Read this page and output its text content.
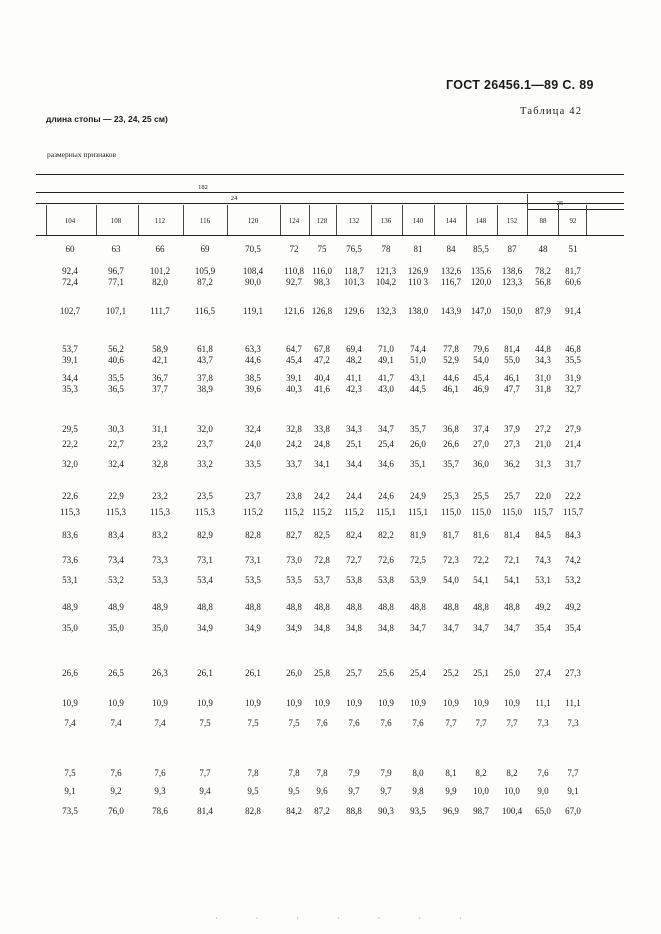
ГОСТ 26456.1—89 С. 89
Таблица 42
длина стопы — 23, 24, 25 см)
размерных признаков
182
24
25
104	108	112	116	120	124	128	132	136	140	144	148	152	88	92
60	63	66	69	70,5	72 75 76,5 78	81	84 85,5 87 48 51
92,4	96,7	101,2	105,9	108,4 110,8 116,0 118,7 121,3 126,9 132,6 135,6 138,6 78,2 81,7
72,4	77,1	82,0	87,2	90,0	92,7 98,3 101,3 104,2 110 3 116,7 120,0 123,3 56,8 60,6
102,7	107,1	111,7	116,5	119,1 121,6 126,8 129,6 132,3 138,0 143,9 147,0 150,0 87,9 91,4
53,7	56,2	58,9	61,8	63,3	64,7 67,8 69,4 71,0 74,4 77,8 79,6 81,4 44,8 46,8
39,1	40,6	42,1	43,7	44,6	45,4 47,2 48,2 49,1 51,0 52,9 54,0 55,0 34,3 35,5
34,4	35,5	36,7	37,8	38,5	39,1 40,4 41,1 41,7 43,1 44,6 45,4 46,1 31,0 31,9
35,3	36,5	37,7	38,9	39,6	40,3 41,6 42,3 43,0 44,5 46,1 46,9 47,7 31,8 32,7
29,5	30,3	31,1	32,0	32,4	32,8 33,8 34,3 34,7 35,7 36,8 37,4 37,9 27,2 27,9
22,2	22,7	23,2	23,7	24,0	24,2 24,8 25,1 25,4 26,0 26,6 27,0 27,3 21,0 21,4
32,0	32,4	32,8	33,2	33,5	33,7 34,1 34,4 34,6 35,1 35,7 36,0 36,2 31,3 31,7
22,6	22,9	23,2	23,5	23,7	23,8 24,2 24,4 24,6 24,9 25,3 25,5 25,7 22,0 22,2
115,3	115,3	115,3	115,3	115,2 115,2 115,2 115,2 115,1 115,1 115,0 115,0 115,0 115,7 115,7
83,6	83,4	83,2	82,9	82,8	82,7 82,5 82,4 82,2 81,9 81,7 81,6 81,4 84,5 84,3
73,6	73,4	73,3	73,1	73,1	73,0 72,8 72,7 72,6 72,5 72,3 72,2 72,1 74,3 74,2
53,1	53,2	53,3	53,4	53,5	53,5 53,7 53,8 53,8 53,9 54,0 54,1 54,1 53,1 53,2
48,9	48,9	48,9	48,8	48,8	48,8 48,8 48,8 48,8 48,8 48,8 48,8 48,8 49,2 49,2
35,0	35,0	35,0	34,9	34,9	34,9 34,8 34,8 34,8 34,7 34,7 34,7 34,7 35,4 35,4
26,6	26,5	26,3	26,1	26,1	26,0 25,8 25,7 25,6 25,4 25,2 25,1 25,0 27,4 27,3
10,9	10,9	10,9	10,9	10,9	10,9 10,9 10,9 10,9 10,9 10,9 10,9 10,9 11,1 11,1
7,4	7,4	7,4	7,5	7,5	7,5 7,6 7,6 7,6 7,6 7,7 7,7 7,7 7,3 7,3
7,5	7,6	7,6	7,7	7,8	7,8 7,8 7,9 7,9 8,0 8,1 8,2 8,2 7,6 7,7
9,1	9,2	9,3	9,4	9,5	9,5 9,6 9,7 9,7 9,8 9,9 10,0 10,0 9,0 9,1
73,5	76,0	78,6	81,4	82,8	84,2 87,2 88,8 90,3 93,5 96,9 98,7 100,4 65,0 67,0
· · · · · · ·
